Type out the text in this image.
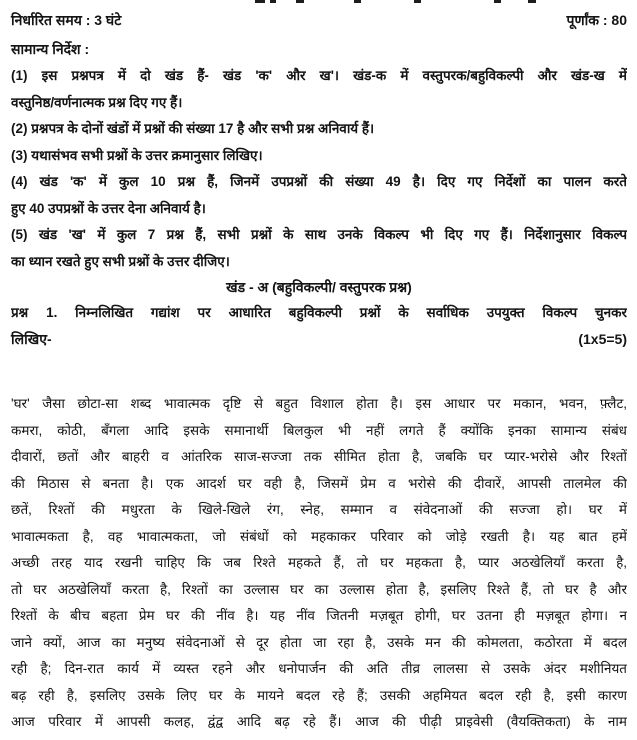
निर्धारित समय : 3 घंटे	पूर्णांक : 80
सामान्य निर्देश :
(1) इस प्रश्नपत्र में दो खंड हैं- खंड 'क' और ख'। खंड-क में वस्तुपरक/बहुविकल्पी और खंड-ख में
वस्तुनिष्ठ/वर्णनात्मक प्रश्न दिए गए हैं।
(2) प्रश्नपत्र के दोनों खंडों में प्रश्नों की संख्या 17 है और सभी प्रश्न अनिवार्य हैं।
(3) यथासंभव सभी प्रश्नों के उत्तर क्रमानुसार लिखिए।
(4) खंड 'क' में कुल 10 प्रश्न हैं, जिनमें उपप्रश्नों की संख्या 49 है। दिए गए निर्देशों का पालन करते
हुए 40 उपप्रश्नों के उत्तर देना अनिवार्य है।
(5) खंड 'ख' में कुल 7 प्रश्न हैं, सभी प्रश्नों के साथ उनके विकल्प भी दिए गए हैं। निर्देशानुसार विकल्प
का ध्यान रखते हुए सभी प्रश्नों के उत्तर दीजिए।
खंड - अ (बहुविकल्पी/ वस्तुपरक प्रश्न)
प्रश्न 1. निम्नलिखित गद्यांश पर आधारित बहुविकल्पी प्रश्नों के सर्वाधिक उपयुक्त विकल्प चुनकर
लिखिए-	(1x5=5)
'घर' जैसा छोटा-सा शब्द भावात्मक दृष्टि से बहुत विशाल होता है। इस आधार पर मकान, भवन, फ़्लैट,
कमरा, कोठी, बँगला आदि इसके समानार्थी बिलकुल भी नहीं लगते हैं क्योंकि इनका सामान्य संबंध
दीवारों, छतों और बाहरी व आंतरिक साज-सज्जा तक सीमित होता है, जबकि घर प्यार-भरोसे और रिश्तों
की मिठास से बनता है। एक आदर्श घर वही है, जिसमें प्रेम व भरोसे की दीवारें, आपसी तालमेल की
छतें, रिश्तों की मधुरता के खिले-खिले रंग, स्नेह, सम्मान व संवेदनाओं की सज्जा हो। घर में
भावात्मकता है, वह भावात्मकता, जो संबंधों को महकाकर परिवार को जोड़े रखती है। यह बात हमें
अच्छी तरह याद रखनी चाहिए कि जब रिश्ते महकते हैं, तो घर महकता है, प्यार अठखेलियाँ करता है,
तो घर अठखेलियाँ करता है, रिश्तों का उल्लास घर का उल्लास होता है, इसलिए रिश्ते हैं, तो घर है और
रिश्तों के बीच बहता प्रेम घर की नींव है। यह नींव जितनी मज़बूत होगी, घर उतना ही मज़बूत होगा। न
जाने क्यों, आज का मनुष्य संवेदनाओं से दूर होता जा रहा है, उसके मन की कोमलता, कठोरता में बदल
रही है; दिन-रात कार्य में व्यस्त रहने और धनोपार्जन की अति तीव्र लालसा से उसके अंदर मशीनियत
बढ़ रही है, इसलिए उसके लिए घर के मायने बदल रहे हैं; उसकी अहमियत बदल रही है, इसी कारण
आज परिवार में आपसी कलह, द्वंद्व आदि बढ़ रहे हैं। आज की पीढ़ी प्राइवेसी (वैयक्तिकता) के नाम
